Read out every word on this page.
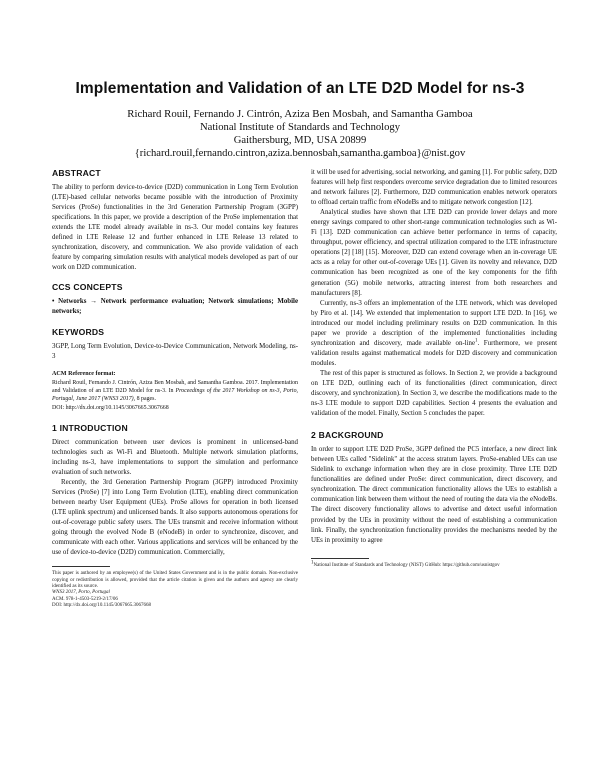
Implementation and Validation of an LTE D2D Model for ns-3
Richard Rouil, Fernando J. Cintrón, Aziza Ben Mosbah, and Samantha Gamboa
National Institute of Standards and Technology
Gaithersburg, MD, USA 20899
{richard.rouil,fernando.cintron,aziza.bennosbah,samantha.gamboa}@nist.gov
ABSTRACT

The ability to perform device-to-device (D2D) communication in Long Term Evolution (LTE)-based cellular networks became possible with the introduction of Proximity Services (ProSe) functionalities in the 3rd Generation Partnership Program (3GPP) specifications. In this paper, we provide a description of the ProSe implementation that extends the LTE model already available in ns-3. Our model contains key features defined in LTE Release 12 and further enhanced in LTE Release 13 related to synchronization, discovery, and communication. We also provide validation of each feature by comparing simulation results with analytical models developed as part of our work on D2D communication.

CCS CONCEPTS

• Networks → Network performance evaluation; Network simulations; Mobile networks;

KEYWORDS

3GPP, Long Term Evolution, Device-to-Device Communication, Network Modeling, ns-3

ACM Reference format:
Richard Rouil, Fernando J. Cintrón, Aziza Ben Mosbah, and Samantha Gamboa. 2017. Implementation and Validation of an LTE D2D Model for ns-3. In Proceedings of the 2017 Workshop on ns-3, Porto, Portugal, June 2017 (WNS3 2017), 8 pages.
DOI: http://dx.doi.org/10.1145/3067665.3067668
1 INTRODUCTION

Direct communication between user devices is prominent in unlicensed-band technologies such as Wi-Fi and Bluetooth. Multiple network simulation platforms, including ns-3, have implementations to support the simulation and performance evaluation of such networks.

Recently, the 3rd Generation Partnership Program (3GPP) introduced Proximity Services (ProSe) [7] into Long Term Evolution (LTE), enabling direct communication between nearby User Equipment (UEs). ProSe allows for operation in both licensed (LTE uplink spectrum) and unlicensed bands. It also supports autonomous operations for out-of-coverage public safety users. The UEs transmit and receive information without going through the evolved Node B (eNodeB) in order to synchronize, discover, and communicate with each other. Various applications and services will be enhanced by the use of device-to-device (D2D) communication. Commercially,

This paper is authored by an employee(s) of the United States Government and is in the public domain. Non-exclusive copying or redistribution is allowed, provided that the article citation is given and the authors and agency are clearly identified as its source.
WNS3 2017, Porto, Portugal
ACM. 978-1-4503-5219-2/17/06
DOI: http://dx.doi.org/10.1145/3067665.3067668

it will be used for advertising, social networking, and gaming [1]. For public safety, D2D features will help first responders overcome service degradation due to limited resources and network failures [2]. Furthermore, D2D communication enables network operators to offload certain traffic from eNodeBs and to mitigate network congestion [12].

Analytical studies have shown that LTE D2D can provide lower delays and more energy savings compared to other short-range communication technologies such as Wi-Fi [13]. D2D communication can achieve better performance in terms of capacity, throughput, power efficiency, and spectral utilization compared to the LTE infrastructure operations [2] [18] [15]. Moreover, D2D can extend coverage when an in-coverage UE acts as a relay for other out-of-coverage UEs [1]. Given its novelty and relevance, D2D communication has been recognized as one of the key components for the fifth generation (5G) mobile networks, attracting interest from both researchers and manufacturers [8].

Currently, ns-3 offers an implementation of the LTE network, which was developed by Piro et al. [14]. We extended that implementation to support LTE D2D. In [16], we introduced our model including preliminary results on D2D communication. In this paper we provide a description of the implemented functionalities including synchronization and discovery, made available on-line$^1$. Furthermore, we present validation results against mathematical models for D2D discovery and communication modules.

The rest of this paper is structured as follows. In Section 2, we provide a background on LTE D2D, outlining each of its functionalities (direct communication, direct discovery, and synchronization). In Section 3, we describe the modifications made to the ns-3 LTE module to support D2D capabilities. Section 4 presents the evaluation and validation of the model. Finally, Section 5 concludes the paper.

2 BACKGROUND

In order to support LTE D2D ProSe, 3GPP defined the PC5 interface, a new direct link between UEs called "Sidelink" at the access stratum layers. ProSe-enabled UEs can use Sidelink to exchange information when they are in close proximity. Three LTE D2D functionalities are defined under ProSe: direct communication, direct discovery, and synchronization. The direct communication functionality allows the UEs to establish a communication link between them without the need of routing the data via the eNodeBs. The direct discovery functionality allows to advertise and detect useful information provided by the UEs in proximity without the need of establishing a communication link. Finally, the synchronization functionality provides the mechanisms needed by the UEs in proximity to agree

1National Institute of Standards and Technology (NIST) GitHub: https://github.com/usnistgov
